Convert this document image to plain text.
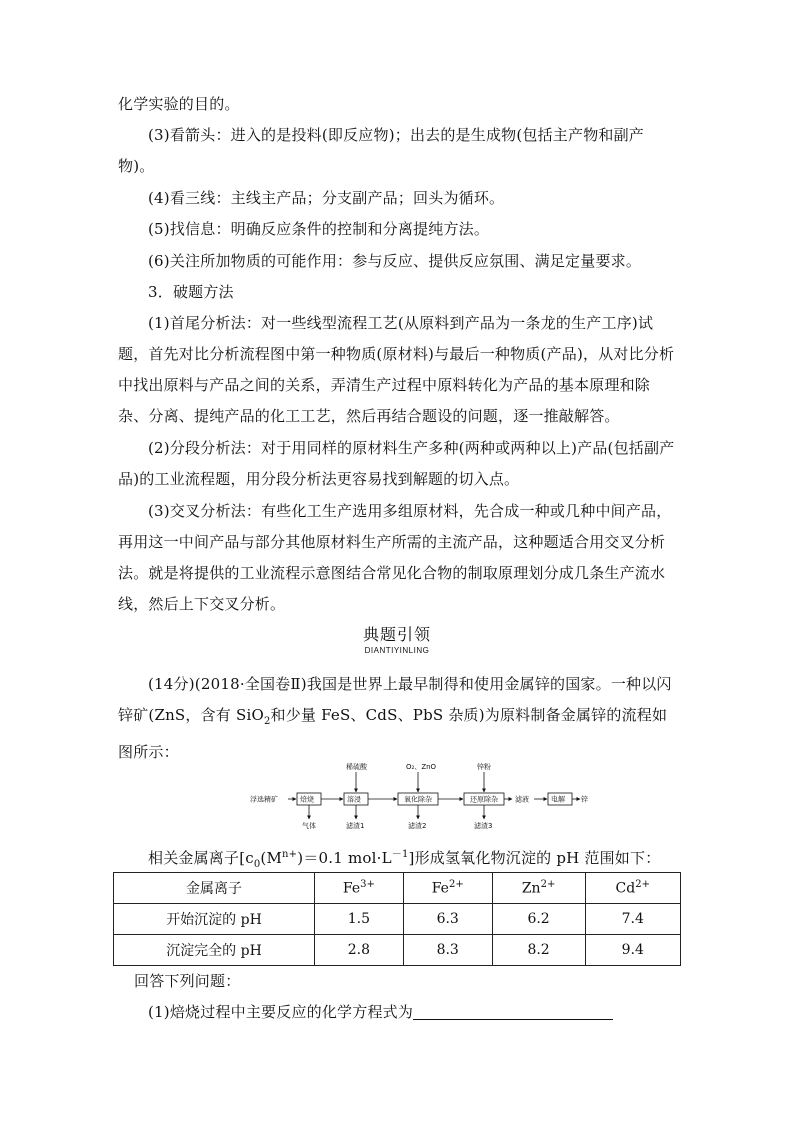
化学实验的目的。

(3)看箭头：进入的是投料(即反应物)；出去的是生成物(包括主产物和副产物)。

(4)看三线：主线主产品；分支副产品；回头为循环。

(5)找信息：明确反应条件的控制和分离提纯方法。

(6)关注所加物质的可能作用：参与反应、提供反应氛围、满足定量要求。

3．破题方法

(1)首尾分析法：对一些线型流程工艺(从原料到产品为一条龙的生产工序)试题，首先对比分析流程图中第一种物质(原材料)与最后一种物质(产品)，从对比分析中找出原料与产品之间的关系，弄清生产过程中原料转化为产品的基本原理和除杂、分离、提纯产品的化工工艺，然后再结合题设的问题，逐一推敲解答。

(2)分段分析法：对于用同样的原材料生产多种(两种或两种以上)产品(包括副产品)的工业流程题，用分段分析法更容易找到解题的切入点。

(3)交叉分析法：有些化工生产选用多组原材料，先合成一种或几种中间产品，再用这一中间产品与部分其他原材料生产所需的主流产品，这种题适合用交叉分析法。就是将提供的工业流程示意图结合常见化合物的制取原理划分成几条生产流水线，然后上下交叉分析。

典题引领
DIANTIYINLING

(14分)(2018·全国卷Ⅱ)我国是世界上最早制得和使用金属锌的国家。一种以闪锌矿(ZnS，含有 SiO$_2$和少量 FeS、CdS、PbS 杂质)为原料制备金属锌的流程如图所示：

浮选精矿	焙烧	溶浸	氧化除杂	还原除杂 滤液	电解 锌
稀硫酸	O₂、ZnO	锌粉
气体	滤渣1	滤渣2	滤渣3

相关金属离子[$c_0(M^{n+})=0.1$ $mol\cdot L^{-1}$]形成氢氧化物沉淀的 pH 范围如下：

金属离子	$Fe^{3+}$	$Fe^{2+}$	$Zn^{2+}$	$Cd^{2+}$
开始沉淀的 pH	1.5	6.3	6.2	7.4
沉淀完全的 pH	2.8	8.3	8.2	9.4

回答下列问题：

(1)焙烧过程中主要反应的化学方程式为
